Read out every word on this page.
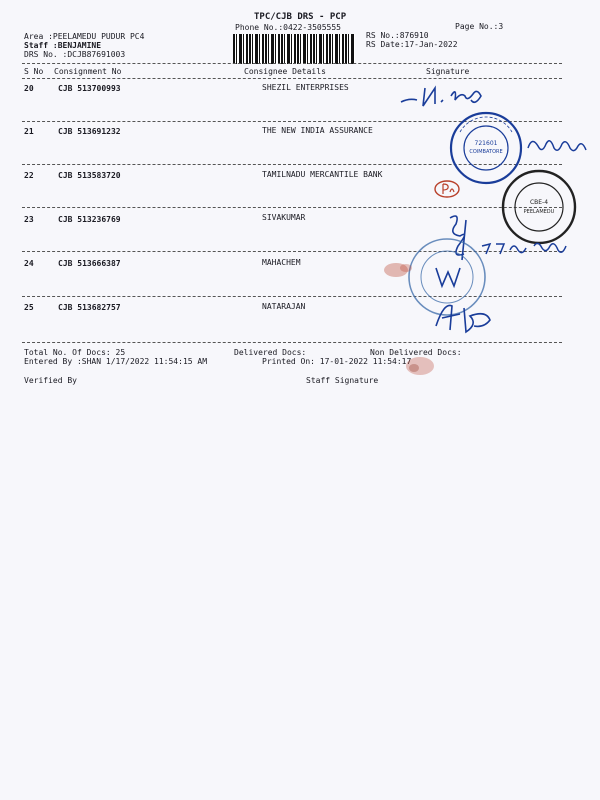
TPC/CJB DRS - PCP
Phone No.:0422-3505555	Page No.:3
Area :PEELAMEDU PUDUR PC4
Staff :BENJAMINE
DRS No. :DCJB87691003
RS No.:876910
RS Date:17-Jan-2022
S No Consignment No	Consignee Details	Signature
20	CJB 513700993	SHEZIL ENTERPRISES
21	CJB 513691232	THE NEW INDIA ASSURANCE
22	CJB 513583720	TAMILNADU MERCANTILE BANK
23	CJB 513236769	SIVAKUMAR
24	CJB 513666387	MAHACHEM
25	CJB 513682757	NATARAJAN
Total No. Of Docs: 25	Delivered Docs:	Non Delivered Docs:
Entered By :SHAN 1/17/2022 11:54:15 AM	Printed On: 17-01-2022 11:54:17
Verified By	Staff Signature
721601
COIMBATORE
CBE-4
PEELAMEDU
